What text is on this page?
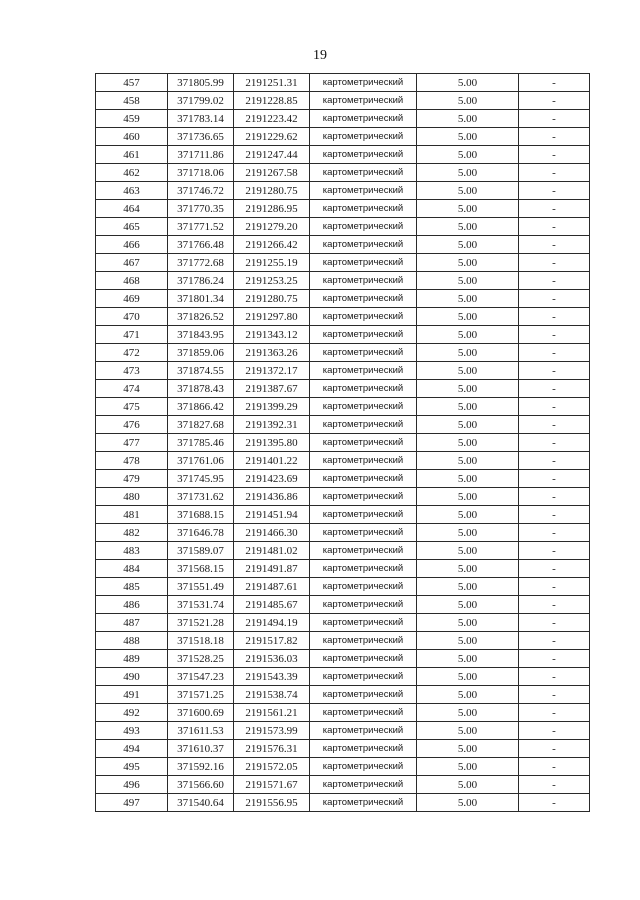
19
457	371805.99	2191251.31	картометрический	5.00	-
458	371799.02	2191228.85	картометрический	5.00	-
459	371783.14	2191223.42	картометрический	5.00	-
460	371736.65	2191229.62	картометрический	5.00	-
461	371711.86	2191247.44	картометрический	5.00	-
462	371718.06	2191267.58	картометрический	5.00	-
463	371746.72	2191280.75	картометрический	5.00	-
464	371770.35	2191286.95	картометрический	5.00	-
465	371771.52	2191279.20	картометрический	5.00	-
466	371766.48	2191266.42	картометрический	5.00	-
467	371772.68	2191255.19	картометрический	5.00	-
468	371786.24	2191253.25	картометрический	5.00	-
469	371801.34	2191280.75	картометрический	5.00	-
470	371826.52	2191297.80	картометрический	5.00	-
471	371843.95	2191343.12	картометрический	5.00	-
472	371859.06	2191363.26	картометрический	5.00	-
473	371874.55	2191372.17	картометрический	5.00	-
474	371878.43	2191387.67	картометрический	5.00	-
475	371866.42	2191399.29	картометрический	5.00	-
476	371827.68	2191392.31	картометрический	5.00	-
477	371785.46	2191395.80	картометрический	5.00	-
478	371761.06	2191401.22	картометрический	5.00	-
479	371745.95	2191423.69	картометрический	5.00	-
480	371731.62	2191436.86	картометрический	5.00	-
481	371688.15	2191451.94	картометрический	5.00	-
482	371646.78	2191466.30	картометрический	5.00	-
483	371589.07	2191481.02	картометрический	5.00	-
484	371568.15	2191491.87	картометрический	5.00	-
485	371551.49	2191487.61	картометрический	5.00	-
486	371531.74	2191485.67	картометрический	5.00	-
487	371521.28	2191494.19	картометрический	5.00	-
488	371518.18	2191517.82	картометрический	5.00	-
489	371528.25	2191536.03	картометрический	5.00	-
490	371547.23	2191543.39	картометрический	5.00	-
491	371571.25	2191538.74	картометрический	5.00	-
492	371600.69	2191561.21	картометрический	5.00	-
493	371611.53	2191573.99	картометрический	5.00	-
494	371610.37	2191576.31	картометрический	5.00	-
495	371592.16	2191572.05	картометрический	5.00	-
496	371566.60	2191571.67	картометрический	5.00	-
497	371540.64	2191556.95	картометрический	5.00	-
